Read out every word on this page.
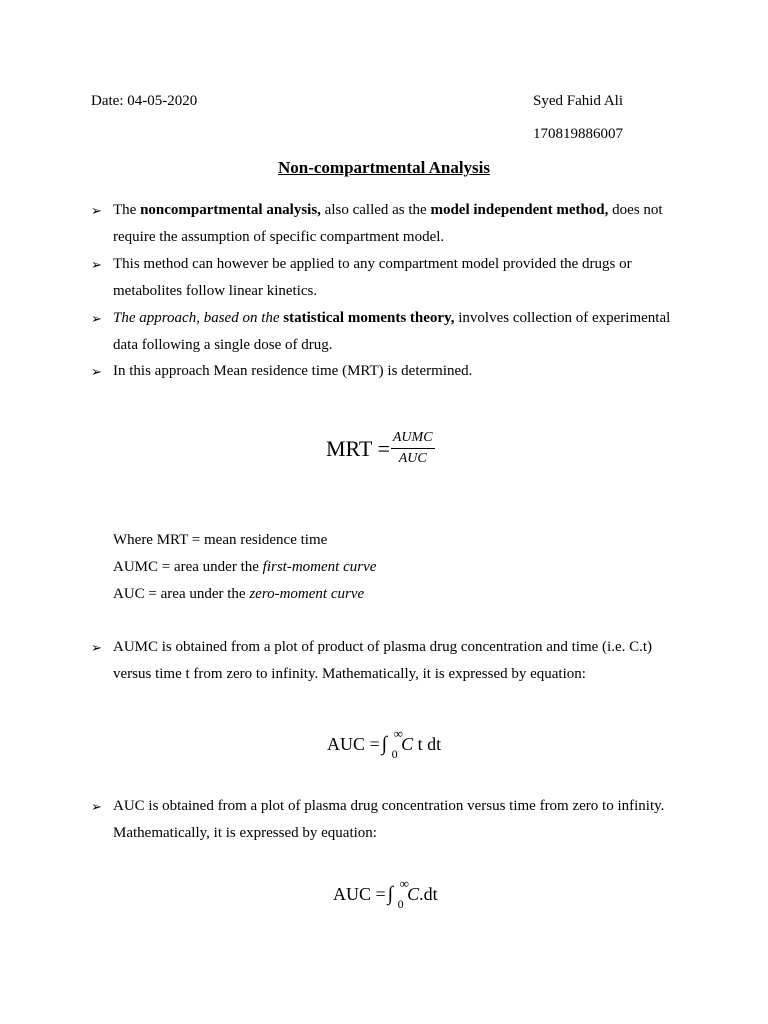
Date: 04-05-2020	Syed Fahid Ali
170819886007
Non-compartmental Analysis
➢ The noncompartmental analysis, also called as the model independent method, does not
require the assumption of specific compartment model.
➢ This method can however be applied to any compartment model provided the drugs or
metabolites follow linear kinetics.
➢ The approach, based on the statistical moments theory, involves collection of experimental
data following a single dose of drug.
➢ In this approach Mean residence time (MRT) is determined.
MRT = $\frac{\text{AUMC}}{\text{AUC}}$
Where MRT = mean residence time
AUMC = area under the first-moment curve
AUC = area under the zero-moment curve
➢ AUMC is obtained from a plot of product of plasma drug concentration and time (i.e. C.t)
versus time t from zero to infinity. Mathematically, it is expressed by equation:
AUC = ∫ ∞
0 C t dt
➢ AUC is obtained from a plot of plasma drug concentration versus time from zero to infinity.
Mathematically, it is expressed by equation:
AUC = ∫ ∞
0 C .dt
